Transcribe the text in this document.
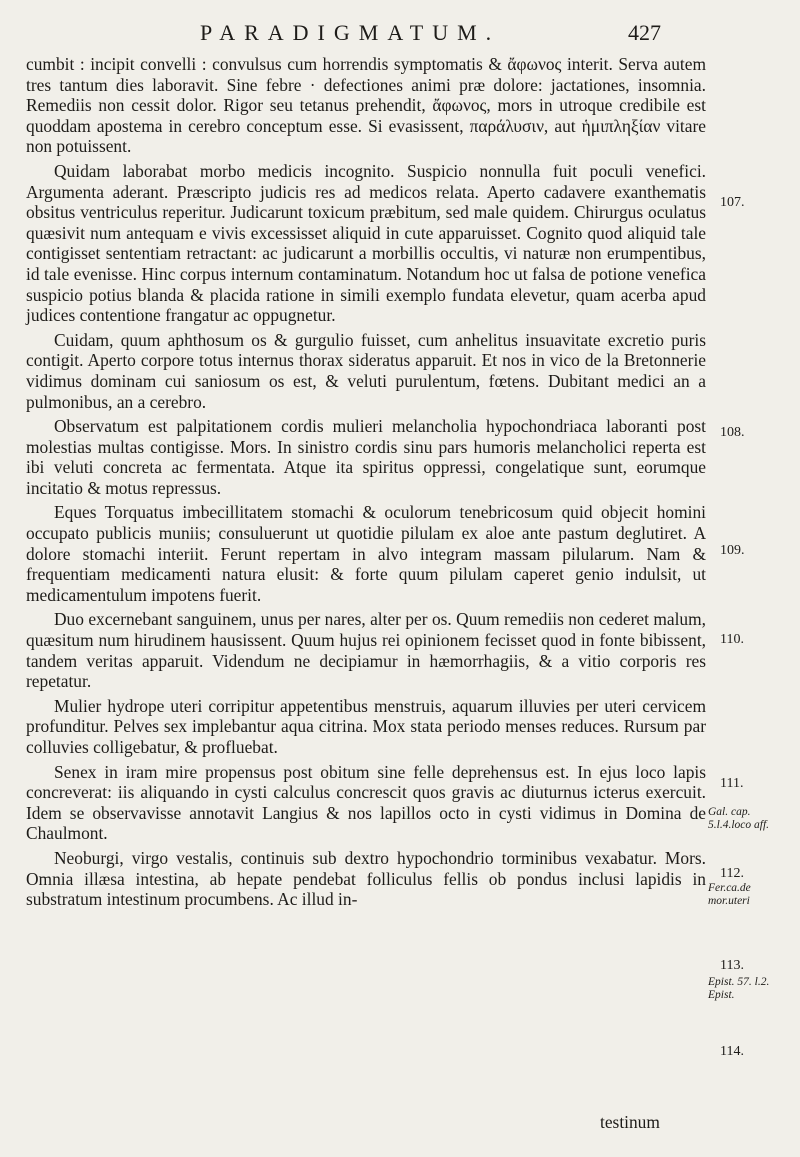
PARADIGMATUM.	427

cumbit : incipit convelli : convulsus cum horrendis symptomatis & ἄφωνος interit. Serva autem tres tantum dies laboravit. Sine febre · defectiones animi præ dolore: jactationes, insomnia. Remediis non cessit dolor. Rigor seu tetanus prehendit, ἄφωνος, mors in utroque credibile est quoddam apostema in cerebro conceptum esse. Si evasissent, παράλυσιν, aut ἡμιπληξίαν vitare non potuissent.

Quidam laborabat morbo medicis incognito. Suspicio nonnulla fuit poculi venefici. Argumenta aderant. Præscripto judicis res ad medicos relata. Aperto cadavere exanthematis obsitus ventriculus reperitur. Judicarunt toxicum præbitum, sed male quidem. Chirurgus oculatus quæsivit num antequam e vivis excessisset aliquid in cute apparuisset. Cognito quod aliquid tale contigisset sententiam retractant: ac judicarunt a morbillis occultis, vi naturæ non erumpentibus, id tale evenisse. Hinc corpus internum contaminatum. Notandum hoc ut falsa de potione venefica suspicio potius blanda & placida ratione in simili exemplo fundata elevetur, quam acerba apud judices contentione frangatur ac oppugnetur.

Cuidam, quum aphthosum os & gurgulio fuisset, cum anhelitus insuavitate excretio puris contigit. Aperto corpore totus internus thorax sideratus apparuit. Et nos in vico de la Bretonnerie vidimus dominam cui saniosum os est, & veluti purulentum, fœtens. Dubitant medici an a pulmonibus, an a cerebro.

Observatum est palpitationem cordis mulieri melancholia hypochondriaca laboranti post molestias multas contigisse. Mors. In sinistro cordis sinu pars humoris melancholici reperta est ibi veluti concreta ac fermentata. Atque ita spiritus oppressi, congelatique sunt, eorumque incitatio & motus repressus.

Eques Torquatus imbecillitatem stomachi & oculorum tenebricosum quid objecit homini occupato publicis muniis; consuluerunt ut quotidie pilulam ex aloe ante pastum deglutiret. A dolore stomachi interiit. Ferunt repertam in alvo integram massam pilularum. Nam & frequentiam medicamenti natura elusit: & forte quum pilulam caperet genio indulsit, ut medicamentulum impotens fuerit.

Duo excernebant sanguinem, unus per nares, alter per os. Quum remediis non cederet malum, quæsitum num hirudinem hausissent. Quum hujus rei opinionem fecisset quod in fonte bibissent, tandem veritas apparuit. Videndum ne decipiamur in hæmorrhagiis, & a vitio corporis res repetatur.

Mulier hydrope uteri corripitur appetentibus menstruis, aquarum illuvies per uteri cervicem profunditur. Pelves sex implebantur aqua citrina. Mox stata periodo menses reduces. Rursum par colluvies colligebatur, & profluebat.

Senex in iram mire propensus post obitum sine felle deprehensus est. In ejus loco lapis concreverat: iis aliquando in cysti calculus concrescit quos gravis ac diuturnus icterus exercuit. Idem se observavisse annotavit Langius & nos lapillos octo in cysti vidimus in Domina de Chaulmont.

Neoburgi, virgo vestalis, continuis sub dextro hypochondrio torminibus vexabatur. Mors. Omnia illæsa intestina, ab hepate pendebat folliculus fellis ob pondus inclusi lapidis in substratum intestinum procumbens. Ac illud in-

testinum
107.
108.
109.
110.
111.
Gal. cap. 5.l.4.loco aff.
112.
Fer.ca.de mor.uteri
113.
Epist. 57. l.2. Epist.
114.
